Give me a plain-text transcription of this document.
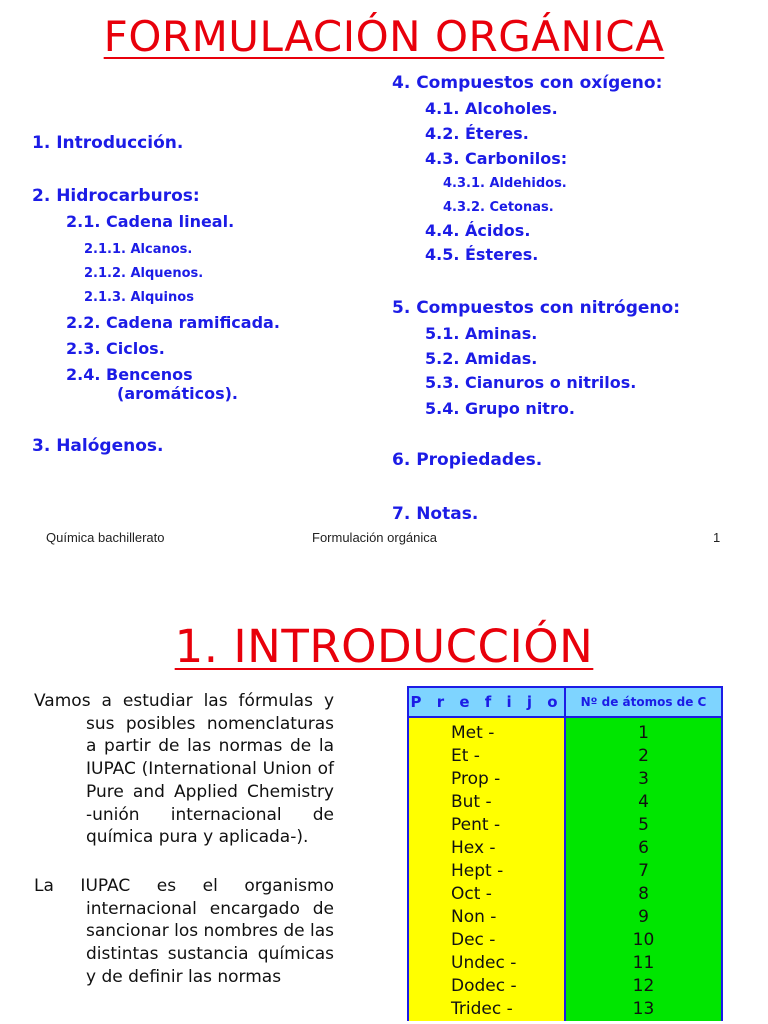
FORMULACIÓN ORGÁNICA
1. Introducción.
2. Hidrocarburos:
2.1. Cadena lineal.
2.1.1. Alcanos.
2.1.2. Alquenos.
2.1.3. Alquinos
2.2. Cadena ramificada.
2.3. Ciclos.
2.4. Bencenos
(aromáticos).
3. Halógenos.
4. Compuestos con oxígeno:
4.1. Alcoholes.
4.2. Éteres.
4.3. Carbonilos:
4.3.1. Aldehidos.
4.3.2. Cetonas.
4.4. Ácidos.
4.5. Ésteres.
5. Compuestos con nitrógeno:
5.1. Aminas.
5.2. Amidas.
5.3. Cianuros o nitrilos.
5.4. Grupo nitro.
6. Propiedades.
7. Notas.
Química bachillerato	Formulación orgánica	1
1. INTRODUCCIÓN

Vamos a estudiar las fórmulas y sus posibles nomenclaturas a partir de las normas de la IUPAC (International Union of Pure and Applied Chemistry -unión internacional de química pura y aplicada-).

La IUPAC es el organismo internacional encargado de sancionar los nombres de las distintas sustancia químicas y de definir las normas

P r e f i j o	Nº de átomos de C
Met -	1
Et -	2
Prop -	3
But -	4
Pent -	5
Hex -	6
Hept -	7
Oct -	8
Non -	9
Dec -	10
Undec -	11
Dodec -	12
Tridec -	13
